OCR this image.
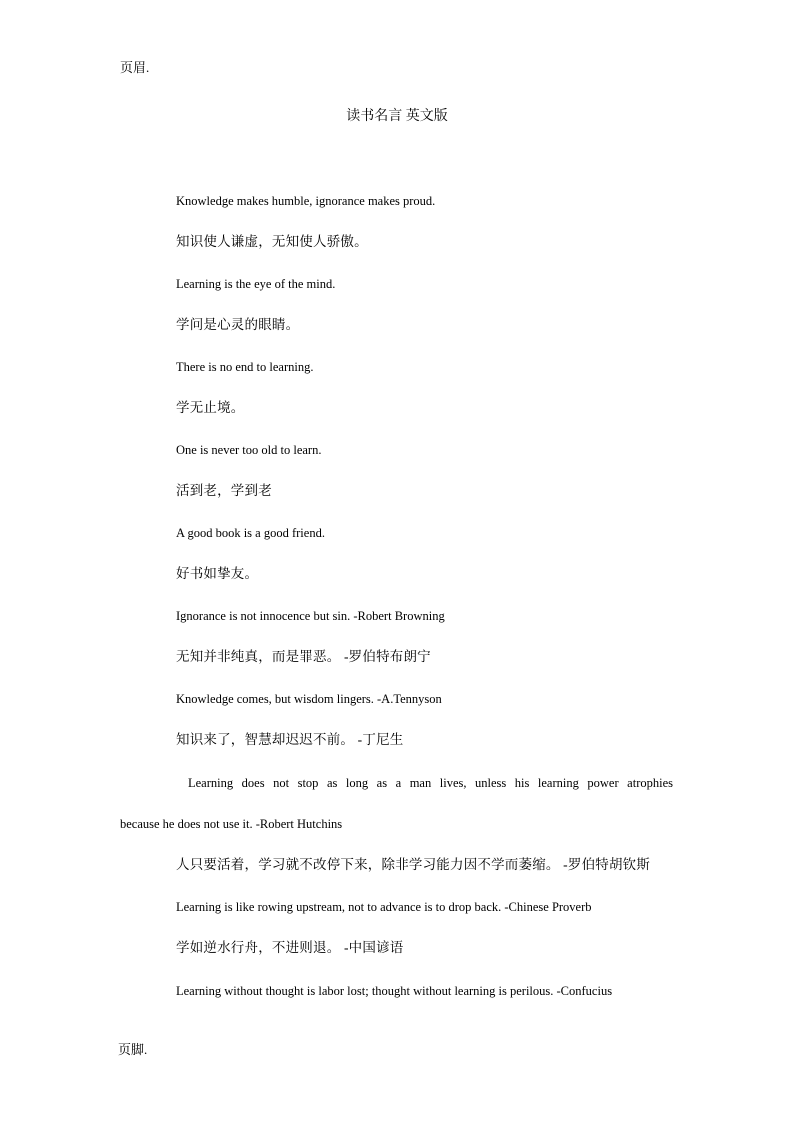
页眉.
读书名言 英文版
Knowledge makes humble, ignorance makes proud.
知识使人谦虚，无知使人骄傲。
Learning is the eye of the mind.
学问是心灵的眼睛。
There is no end to learning.
学无止境。
One is never too old to learn.
活到老，学到老
A good book is a good friend.
好书如挚友。
Ignorance is not innocence but sin. -Robert Browning
无知并非纯真，而是罪恶。 -罗伯特布朗宁
Knowledge comes, but wisdom lingers. -A.Tennyson
知识来了，智慧却迟迟不前。 -丁尼生
Learning does not stop as long as a man lives, unless his learning power atrophies
because he does not use it. -Robert Hutchins
人只要活着，学习就不改停下来，除非学习能力因不学而萎缩。 -罗伯特胡钦斯
Learning is like rowing upstream, not to advance is to drop back. -Chinese Proverb
学如逆水行舟，不进则退。 -中国谚语
Learning without thought is labor lost; thought without learning is perilous. -Confucius
页脚.
